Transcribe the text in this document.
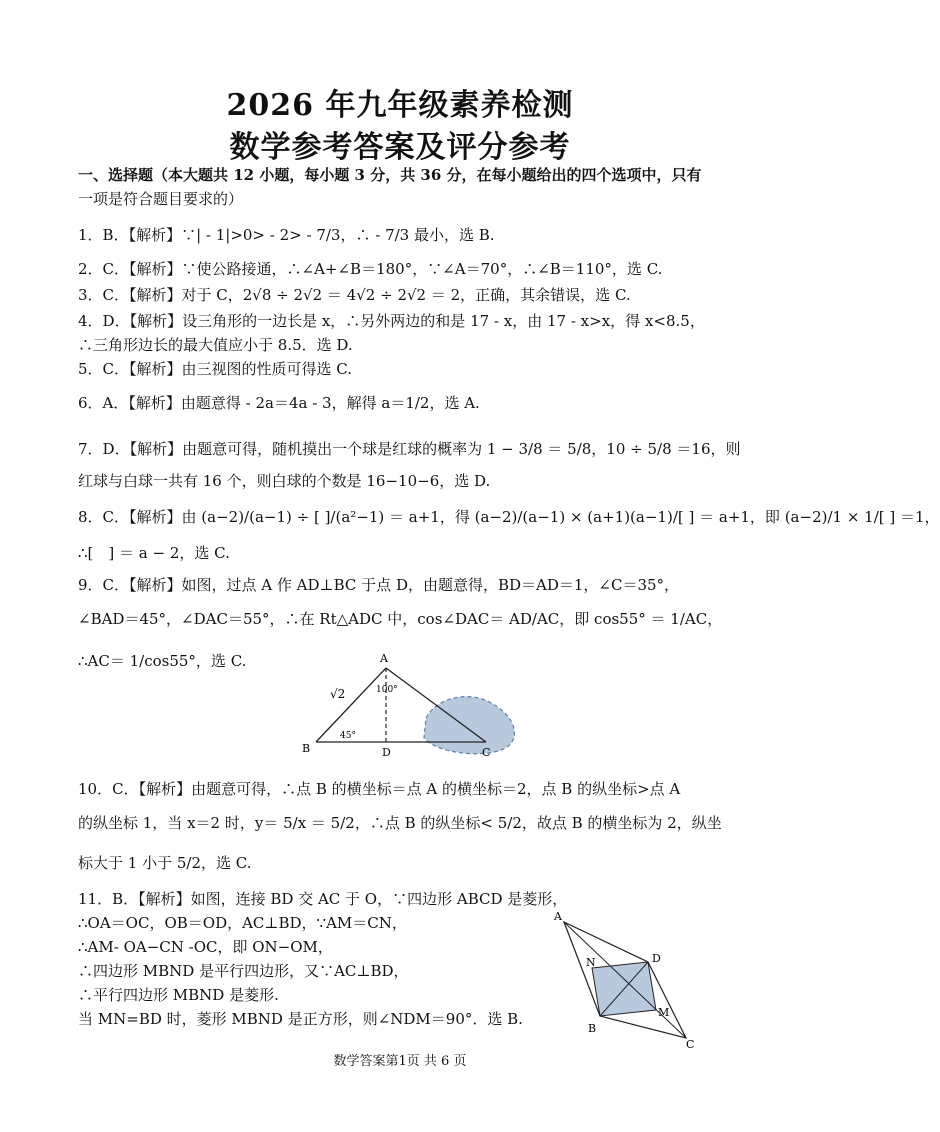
2026 年九年级素养检测
数学参考答案及评分参考
一、选择题（本大题共 12 小题，每小题 3 分，共 36 分，在每小题给出的四个选项中，只有
一项是符合题目要求的）
1．B．【解析】∵| - 1|>0> - 2> - 7/3，∴ - 7/3 最小，选 B.
2．C．【解析】∵使公路接通，∴∠A+∠B＝180°，∵∠A＝70°，∴∠B＝110°，选 C.
3．C．【解析】对于 C，2√8 ÷ 2√2 ＝ 4√2 ÷ 2√2 ＝ 2，正确，其余错误，选 C.
4．D．【解析】设三角形的一边长是 x，∴另外两边的和是 17 - x，由 17 - x>x，得 x<8.5，
∴三角形边长的最大值应小于 8.5．选 D.
5．C．【解析】由三视图的性质可得选 C.
6．A．【解析】由题意得 - 2a＝4a - 3，解得 a＝1/2，选 A.
7．D．【解析】由题意可得，随机摸出一个球是红球的概率为 1 − 3/8 ＝ 5/8，10 ÷ 5/8 ＝16，则
红球与白球一共有 16 个，则白球的个数是 16−10−6，选 D.
8．C．【解析】由 (a−2)/(a−1) ÷ [ ]/(a²−1) ＝ a+1，得 (a−2)/(a−1) × (a+1)(a−1)/[ ] ＝ a+1，即 (a−2)/1 × 1/[ ] ＝1，
∴[　] ＝ a − 2，选 C.
9．C．【解析】如图，过点 A 作 AD⊥BC 于点 D，由题意得，BD＝AD＝1，∠C＝35°，
∠BAD＝45°，∠DAC＝55°，∴在 Rt△ADC 中，cos∠DAC＝ AD/AC，即 cos55° ＝ 1/AC，
∴AC＝ 1/cos55°，选 C.	A
B	C
D
√2	100°
45°
10．C．【解析】由题意可得，∴点 B 的横坐标＝点 A 的横坐标＝2，点 B 的纵坐标>点 A
的纵坐标 1，当 x＝2 时，y＝ 5/x ＝ 5/2，∴点 B 的纵坐标< 5/2，故点 B 的横坐标为 2，纵坐
标大于 1 小于 5/2，选 C.
11．B．【解析】如图，连接 BD 交 AC 于 O，∵四边形 ABCD 是菱形，
∴OA＝OC，OB＝OD，AC⊥BD，∵AM＝CN，
∴AM- OA−CN -OC，即 ON−OM，
∴四边形 MBND 是平行四边形，又∵AC⊥BD，
∴平行四边形 MBND 是菱形.
当 MN=BD 时，菱形 MBND 是正方形，则∠NDM＝90°．选 B.
A
B
C
D
N
M
数学答案第1页 共 6 页
